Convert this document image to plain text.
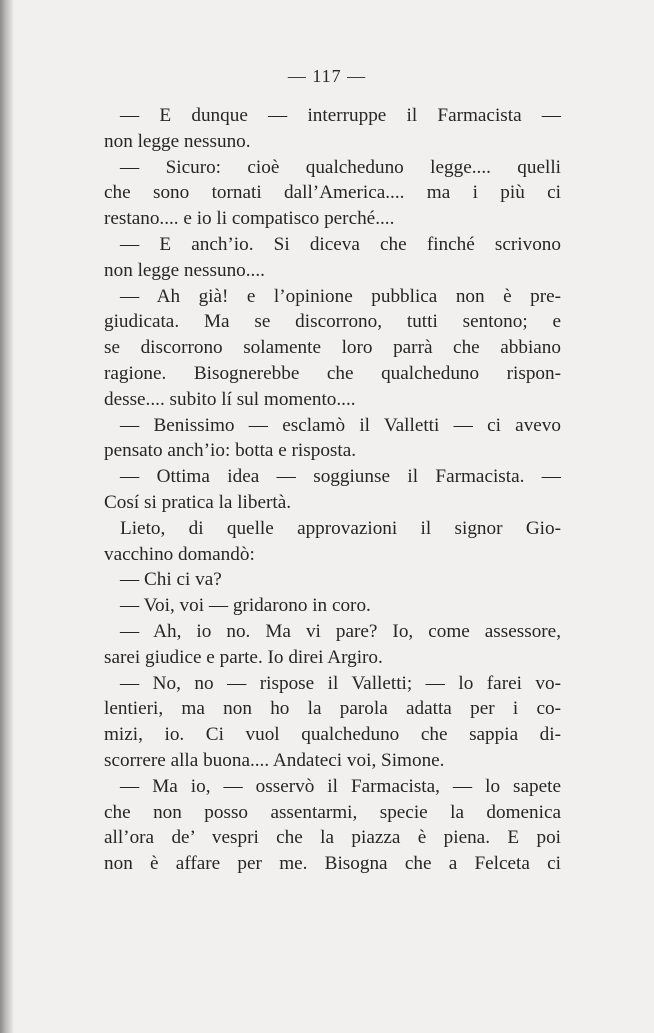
— 117 —
— E dunque — interruppe il Farmacista —
non legge nessuno.
— Sicuro: cioè qualcheduno legge.... quelli
che sono tornati dall’America.... ma i più ci
restano.... e io li compatisco perché....
— E anch’io. Si diceva che finché scrivono
non legge nessuno....
— Ah già! e l’opinione pubblica non è pre-
giudicata. Ma se discorrono, tutti sentono; e
se discorrono solamente loro parrà che abbiano
ragione. Bisognerebbe che qualcheduno rispon-
desse.... subito lí sul momento....
— Benissimo — esclamò il Valletti — ci avevo
pensato anch’io: botta e risposta.
— Ottima idea — soggiunse il Farmacista. —
Cosí si pratica la libertà.
Lieto, di quelle approvazioni il signor Gio-
vacchino domandò:
— Chi ci va?
— Voi, voi — gridarono in coro.
— Ah, io no. Ma vi pare? Io, come assessore,
sarei giudice e parte. Io direi Argiro.
— No, no — rispose il Valletti; — lo farei vo-
lentieri, ma non ho la parola adatta per i co-
mizi, io. Ci vuol qualcheduno che sappia di-
scorrere alla buona.... Andateci voi, Simone.
— Ma io, — osservò il Farmacista, — lo sapete
che non posso assentarmi, specie la domenica
all’ora de’ vespri che la piazza è piena. E poi
non è affare per me. Bisogna che a Felceta ci
